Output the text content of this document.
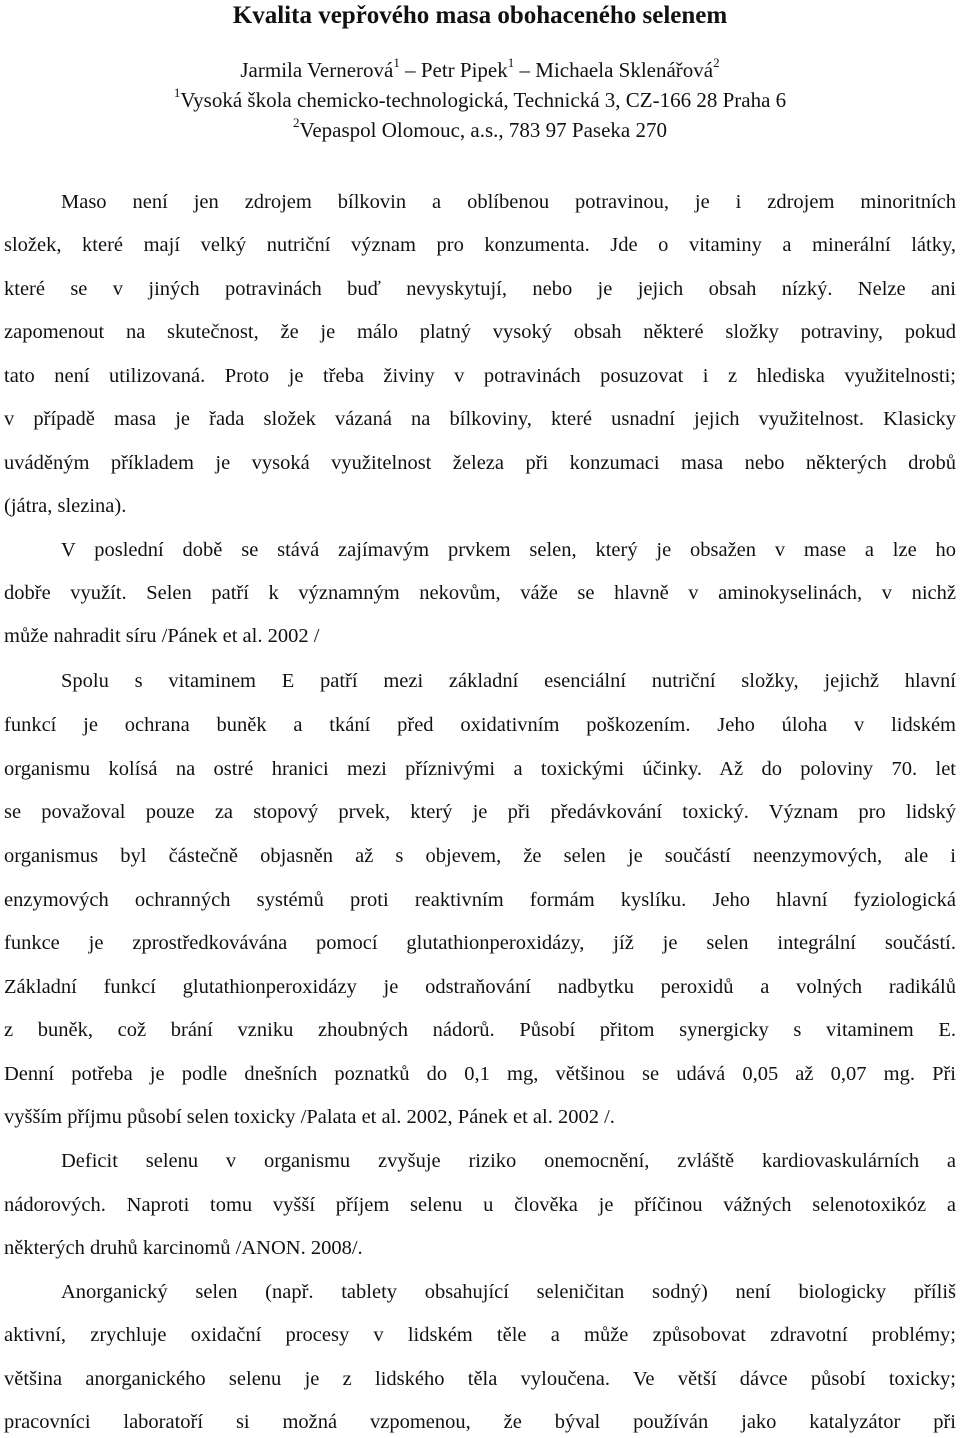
Kvalita vepřového masa obohaceného selenem

Jarmila Vernerová$^1$ – Petr Pipek$^1$ – Michaela Sklenářová$^2$

$^1$Vysoká škola chemicko-technologická, Technická 3, CZ-166 28 Praha 6

$^2$Vepaspol Olomouc, a.s., 783 97 Paseka 270

Maso není jen zdrojem bílkovin a oblíbenou potravinou, je i zdrojem minoritních
složek, které mají velký nutriční význam pro konzumenta. Jde o vitaminy a minerální látky,
které se v jiných potravinách buď nevyskytují, nebo je jejich obsah nízký. Nelze ani
zapomenout na skutečnost, že je málo platný vysoký obsah některé složky potraviny, pokud
tato není utilizovaná. Proto je třeba živiny v potravinách posuzovat i z hlediska využitelnosti;
v případě masa je řada složek vázaná na bílkoviny, které usnadní jejich využitelnost. Klasicky
uváděným příkladem je vysoká využitelnost železa při konzumaci masa nebo některých drobů
(játra, slezina).
V poslední době se stává zajímavým prvkem selen, který je obsažen v mase a lze ho
dobře využít. Selen patří k významným nekovům, váže se hlavně v aminokyselinách, v nichž
může nahradit síru /Pánek et al. 2002 /
Spolu s vitaminem E patří mezi základní esenciální nutriční složky, jejichž hlavní
funkcí je ochrana buněk a tkání před oxidativním poškozením. Jeho úloha v lidském
organismu kolísá na ostré hranici mezi příznivými a toxickými účinky. Až do poloviny 70. let
se považoval pouze za stopový prvek, který je při předávkování toxický. Význam pro lidský
organismus byl částečně objasněn až s objevem, že selen je součástí neenzymových, ale i
enzymových ochranných systémů proti reaktivním formám kyslíku. Jeho hlavní fyziologická
funkce je zprostředkovávána pomocí glutathionperoxidázy, jíž je selen integrální součástí.
Základní funkcí glutathionperoxidázy je odstraňování nadbytku peroxidů a volných radikálů
z buněk, což brání vzniku zhoubných nádorů. Působí přitom synergicky s vitaminem E.
Denní potřeba je podle dnešních poznatků do 0,1 mg, většinou se udává 0,05 až 0,07 mg. Při
vyšším příjmu působí selen toxicky /Palata et al. 2002, Pánek et al. 2002 /.
Deficit selenu v organismu zvyšuje riziko onemocnění, zvláště kardiovaskulárních a
nádorových. Naproti tomu vyšší příjem selenu u člověka je příčinou vážných selenotoxikóz a
některých druhů karcinomů /ANON. 2008/.
Anorganický selen (např. tablety obsahující seleničitan sodný) není biologicky příliš
aktivní, zrychluje oxidační procesy v lidském těle a může způsobovat zdravotní problémy;
většina anorganického selenu je z lidského těla vyloučena. Ve větší dávce působí toxicky;
pracovníci laboratoří si možná vzpomenou, že býval používán jako katalyzátor při
